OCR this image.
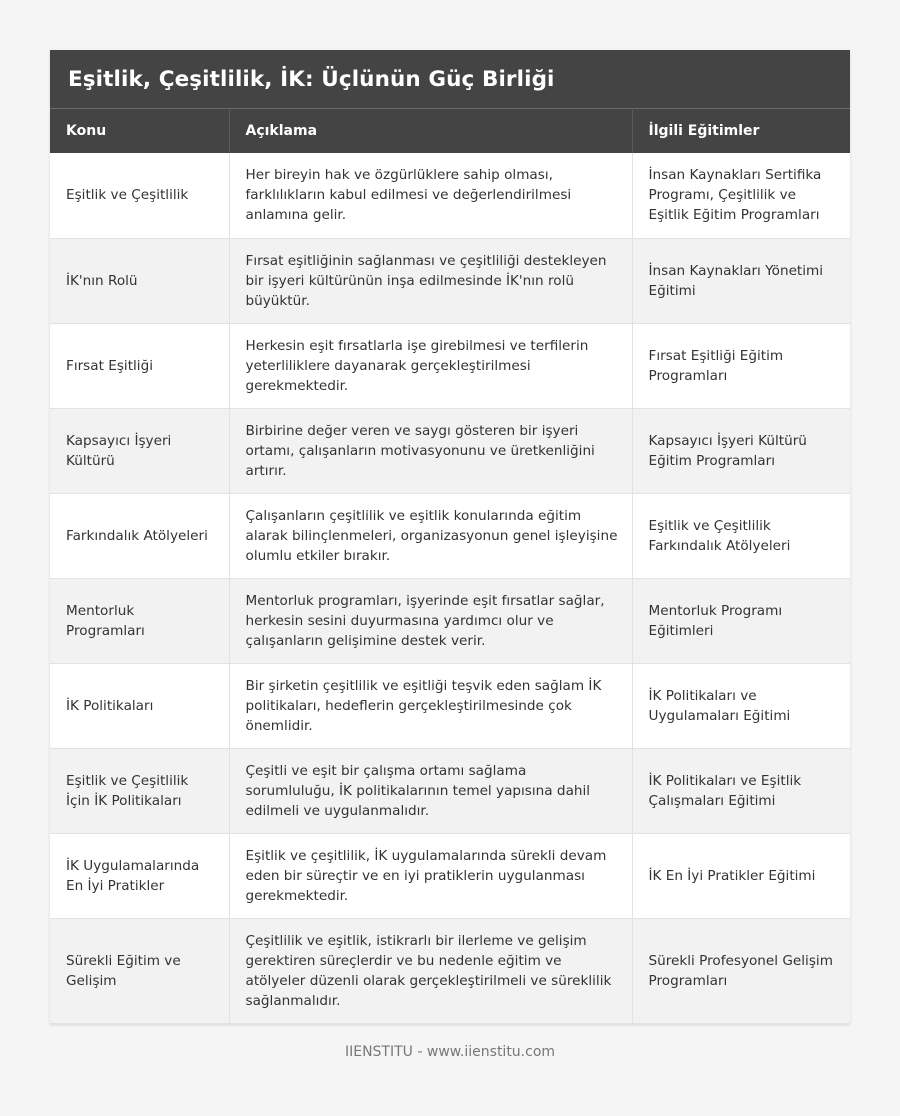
Eşitlik, Çeşitlilik, İK: Üçlünün Güç Birliği
Konu	Açıklama	İlgili Eğitimler
Eşitlik ve Çeşitlilik	Her bireyin hak ve özgürlüklere sahip olması, farklılıkların kabul edilmesi ve değerlendirilmesi anlamına gelir.	İnsan Kaynakları Sertifika Programı, Çeşitlilik ve Eşitlik Eğitim Programları
İK'nın Rolü	Fırsat eşitliğinin sağlanması ve çeşitliliği destekleyen bir işyeri kültürünün inşa edilmesinde İK'nın rolü büyüktür.	İnsan Kaynakları Yönetimi Eğitimi
Fırsat Eşitliği	Herkesin eşit fırsatlarla işe girebilmesi ve terfilerin yeterliliklere dayanarak gerçekleştirilmesi gerekmektedir.	Fırsat Eşitliği Eğitim Programları
Kapsayıcı İşyeri Kültürü	Birbirine değer veren ve saygı gösteren bir işyeri ortamı, çalışanların motivasyonunu ve üretkenliğini artırır.	Kapsayıcı İşyeri Kültürü Eğitim Programları
Farkındalık Atölyeleri	Çalışanların çeşitlilik ve eşitlik konularında eğitim alarak bilinçlenmeleri, organizasyonun genel işleyişine olumlu etkiler bırakır.	Eşitlik ve Çeşitlilik Farkındalık Atölyeleri
Mentorluk Programları	Mentorluk programları, işyerinde eşit fırsatlar sağlar, herkesin sesini duyurmasına yardımcı olur ve çalışanların gelişimine destek verir.	Mentorluk Programı Eğitimleri
İK Politikaları	Bir şirketin çeşitlilik ve eşitliği teşvik eden sağlam İK politikaları, hedeflerin gerçekleştirilmesinde çok önemlidir.	İK Politikaları ve Uygulamaları Eğitimi
Eşitlik ve Çeşitlilik İçin İK Politikaları	Çeşitli ve eşit bir çalışma ortamı sağlama sorumluluğu, İK politikalarının temel yapısına dahil edilmeli ve uygulanmalıdır.	İK Politikaları ve Eşitlik Çalışmaları Eğitimi
İK Uygulamalarında En İyi Pratikler	Eşitlik ve çeşitlilik, İK uygulamalarında sürekli devam eden bir süreçtir ve en iyi pratiklerin uygulanması gerekmektedir.	İK En İyi Pratikler Eğitimi
Sürekli Eğitim ve Gelişim	Çeşitlilik ve eşitlik, istikrarlı bir ilerleme ve gelişim gerektiren süreçlerdir ve bu nedenle eğitim ve atölyeler düzenli olarak gerçekleştirilmeli ve süreklilik sağlanmalıdır.	Sürekli Profesyonel Gelişim Programları
IIENSTITU - www.iienstitu.com
